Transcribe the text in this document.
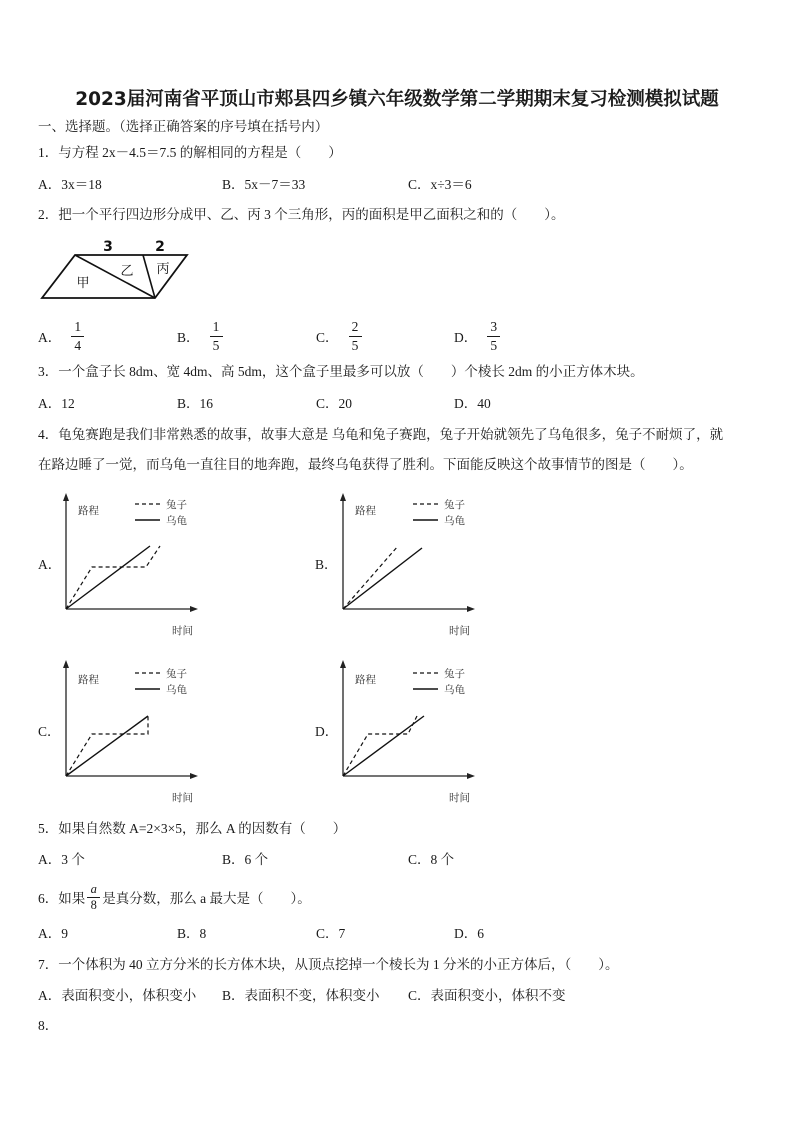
2023届河南省平顶山市郏县四乡镇六年级数学第二学期期末复习检测模拟试题
一、选择题。（选择正确答案的序号填在括号内）
1．与方程 2x－4.5＝7.5 的解相同的方程是（　　）
A．3x＝18	B．5x－7＝33	C．x÷3＝6
2．把一个平行四边形分成甲、乙、丙 3 个三角形，丙的面积是甲乙面积之和的（　　）。
3	2
甲
乙 丙
A． $\frac{1}{4}$	B． $\frac{1}{5}$	C． $\frac{2}{5}$	D． $\frac{3}{5}$
3．一个盒子长 8dm、宽 4dm、高 5dm，这个盒子里最多可以放（　　）个棱长 2dm 的小正方体木块。
A．12	B．16	C．20	D．40
4．龟兔赛跑是我们非常熟悉的故事，故事大意是 乌龟和兔子赛跑，兔子开始就领先了乌龟很多，兔子不耐烦了，就
在路边睡了一觉，而乌龟一直往目的地奔跑，最终乌龟获得了胜利。下面能反映这个故事情节的图是（　　）。
A．
路程
时间
兔子
乌龟
B．
路程
时间
兔子
乌龟
C．
路程
时间
兔子
乌龟
D．
路程
时间
兔子
乌龟
5．如果自然数 A=2×3×5，那么 A 的因数有（　　）
A．3 个	B．6 个	C．8 个
6．如果 $\frac{a}{8}$ 是真分数，那么 a 最大是（　　）。
A．9	B．8	C．7	D．6
7．一个体积为 40 立方分米的长方体木块，从顶点挖掉一个棱长为 1 分米的小正方体后，（　　）。
A．表面积变小，体积变小 B．表面积不变，体积变小 C．表面积变小，体积不变
8．
